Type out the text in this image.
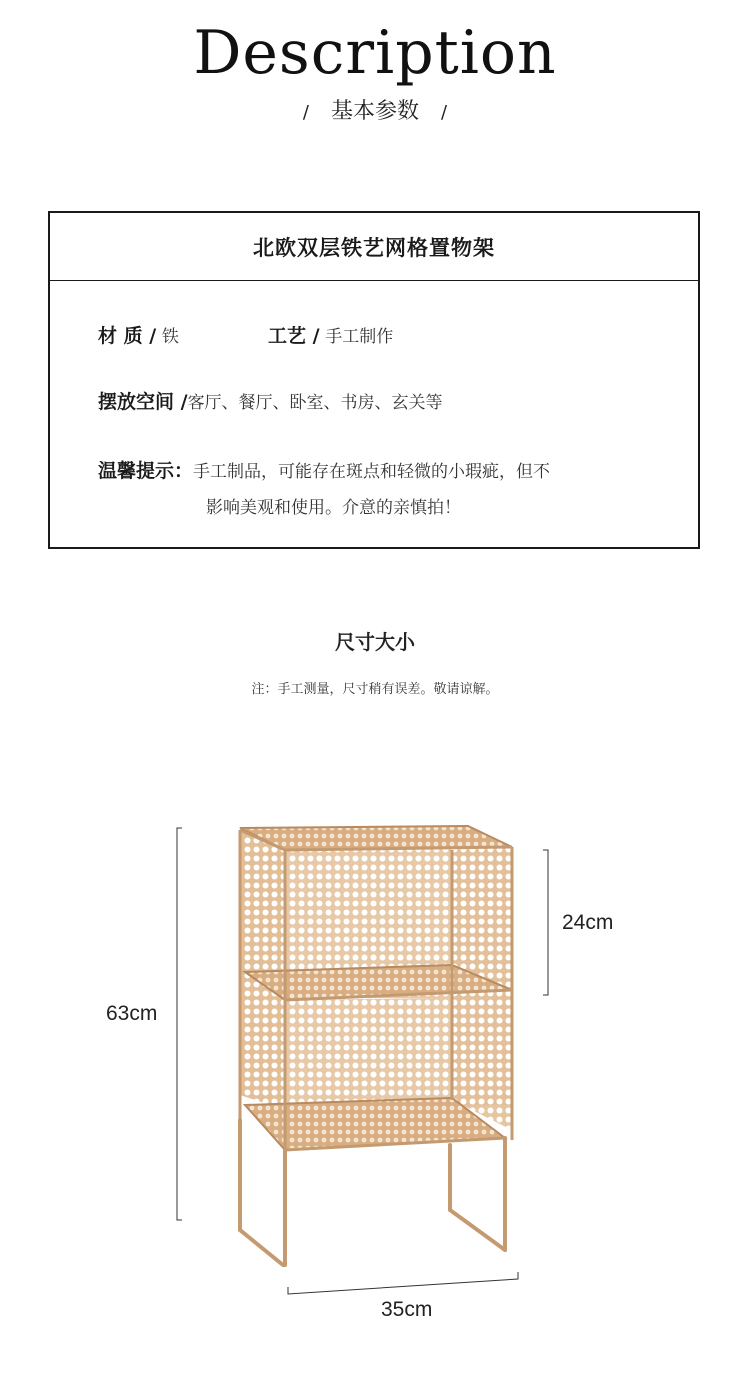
Description
/ 基本参数 /
北欧双层铁艺网格置物架
材 质 / 铁	工艺 / 手工制作
摆放空间 /客厅、餐厅、卧室、书房、玄关等
温馨提示：手工制品，可能存在斑点和轻微的小瑕疵，但不
影响美观和使用。介意的亲慎拍！
尺寸大小
注：手工测量，尺寸稍有误差。敬请谅解。
63cm
24cm
35cm
